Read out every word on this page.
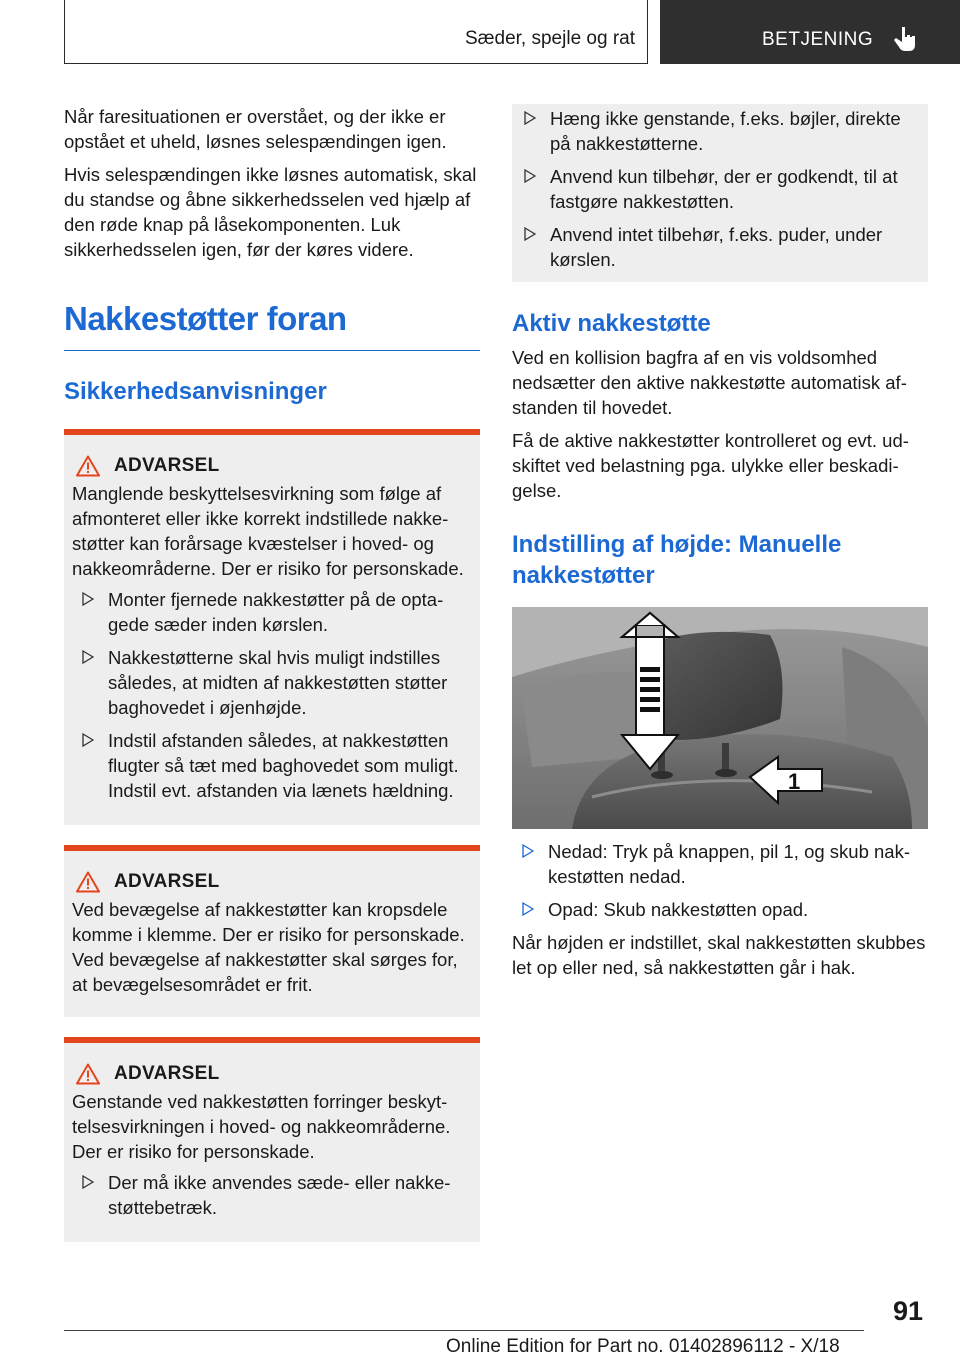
Sæder, spejle og rat	BETJENING

Når faresituationen er overstået, og der ikke er opstået et uheld, løsnes selespændingen igen.

Hvis selespændingen ikke løsnes automatisk, skal du standse og åbne sikkerhedsselen ved hjælp af den røde knap på låsekomponenten. Luk sikkerhedsselen igen, før der køres videre.

Nakkestøtter foran
Sikkerhedsanvisninger
ADVARSEL

Manglende beskyttelsesvirkning som følge af afmonteret eller ikke korrekt indstillede nakkestøtter kan forårsage kvæstelser i hoved- og nakkeområderne. Der er risiko for personskade.

Monter fjernede nakkestøtter på de optagede sæder inden kørslen.
Nakkestøtterne skal hvis muligt indstilles således, at midten af nakkestøtten støtter baghovedet i øjenhøjde.
Indstil afstanden således, at nakkestøtten flugter så tæt med baghovedet som muligt. Indstil evt. afstanden via lænets hældning.
ADVARSEL

Ved bevægelse af nakkestøtter kan kropsdele komme i klemme. Der er risiko for personskade. Ved bevægelse af nakkestøtter skal sørges for, at bevægelsesområdet er frit.

ADVARSEL

Genstande ved nakkestøtten forringer beskyttelsesvirkningen i hoved- og nakkeområderne. Der er risiko for personskade.

Der må ikke anvendes sæde- eller nakkestøttebetræk.
Hæng ikke genstande, f.eks. bøjler, direkte på nakkestøtterne.
Anvend kun tilbehør, der er godkendt, til at fastgøre nakkestøtten.
Anvend intet tilbehør, f.eks. puder, under kørslen.
Aktiv nakkestøtte

Ved en kollision bagfra af en vis voldsomhed nedsætter den aktive nakkestøtte automatisk afstanden til hovedet.

Få de aktive nakkestøtter kontrolleret og evt. udskiftet ved belastning pga. ulykke eller beskadigelse.

Indstilling af højde: Manuelle nakkestøtter
1
Nedad: Tryk på knappen, pil 1, og skub nakkestøtten nedad.
Opad: Skub nakkestøtten opad.

Når højden er indstillet, skal nakkestøtten skubbes let op eller ned, så nakkestøtten går i hak.

91
Online Edition for Part no. 01402896112 - X/18
